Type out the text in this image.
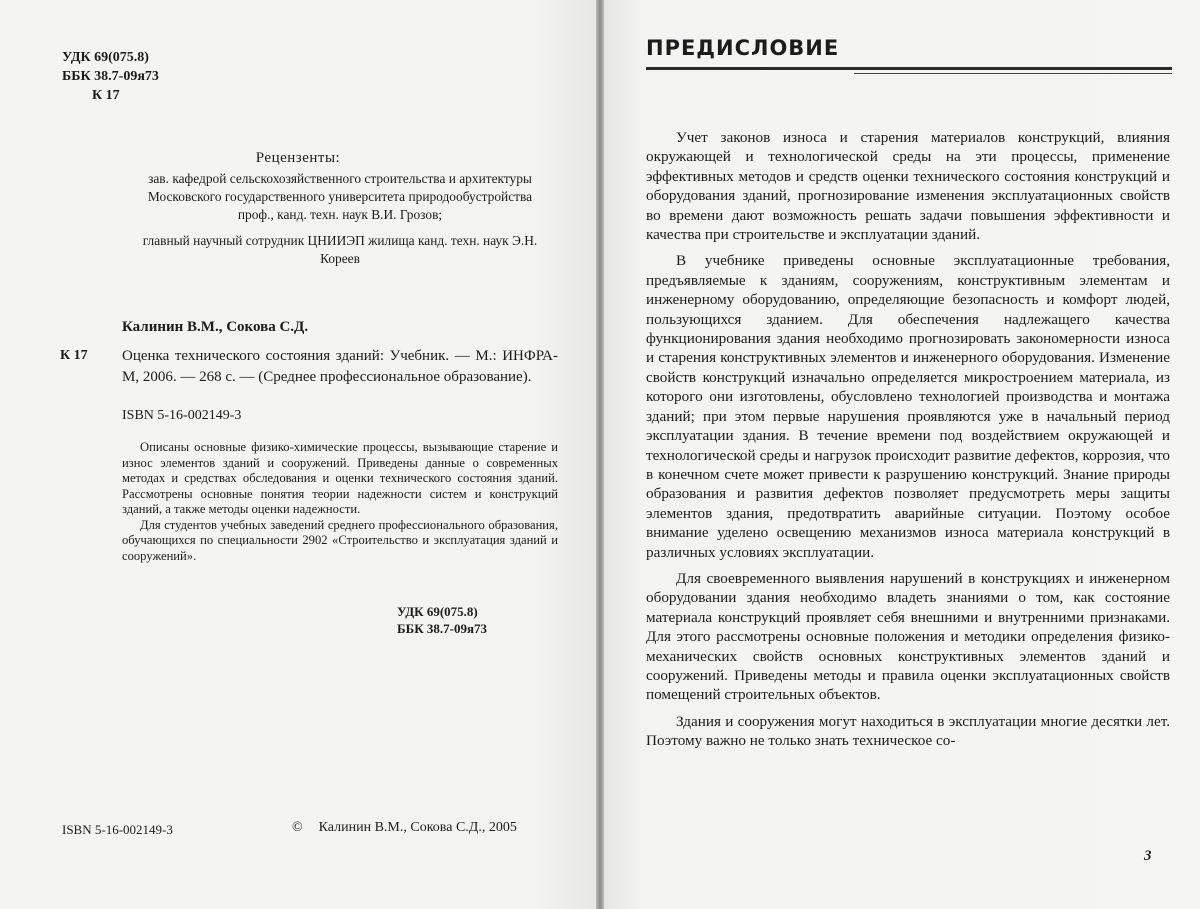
УДК 69(075.8)
ББК 38.7-09я73
К 17
Рецензенты:

зав. кафедрой сельскохозяйственного строительства и архитектуры Московского государственного университета природообустройства проф., канд. техн. наук В.И. Грозов;

главный научный сотрудник ЦНИИЭП жилища канд. техн. наук Э.Н. Кореев

Калинин В.М., Сокова С.Д.
К 17 Оценка технического состояния зданий: Учебник. — М.: ИНФРА-М, 2006. — 268 с. — (Среднее профессиональное образование).
ISBN 5-16-002149-3

Описаны основные физико-химические процессы, вызывающие старение и износ элементов зданий и сооружений. Приведены данные о современных методах и средствах обследования и оценки технического состояния зданий. Рассмотрены основные понятия теории надежности систем и конструкций зданий, а также методы оценки надежности.

Для студентов учебных заведений среднего профессионального образования, обучающихся по специальности 2902 «Строительство и эксплуатация зданий и сооружений».

УДК 69(075.8)
ББК 38.7-09я73
ISBN 5-16-002149-3	© Калинин В.М., Сокова С.Д., 2005
ПРЕДИСЛОВИЕ

Учет законов износа и старения материалов конструкций, влияния окружающей и технологической среды на эти процессы, применение эффективных методов и средств оценки технического состояния конструкций и оборудования зданий, прогнозирование изменения эксплуатационных свойств во времени дают возможность решать задачи повышения эффективности и качества при строительстве и эксплуатации зданий.

В учебнике приведены основные эксплуатационные требования, предъявляемые к зданиям, сооружениям, конструктивным элементам и инженерному оборудованию, определяющие безопасность и комфорт людей, пользующихся зданием. Для обеспечения надлежащего качества функционирования здания необходимо прогнозировать закономерности износа и старения конструктивных элементов и инженерного оборудования. Изменение свойств конструкций изначально определяется микростроением материала, из которого они изготовлены, обусловлено технологией производства и монтажа зданий; при этом первые нарушения проявляются уже в начальный период эксплуатации здания. В течение времени под воздействием окружающей и технологической среды и нагрузок происходит развитие дефектов, коррозия, что в конечном счете может привести к разрушению конструкций. Знание природы образования и развития дефектов позволяет предусмотреть меры защиты элементов здания, предотвратить аварийные ситуации. Поэтому особое внимание уделено освещению механизмов износа материала конструкций в различных условиях эксплуатации.

Для своевременного выявления нарушений в конструкциях и инженерном оборудовании здания необходимо владеть знаниями о том, как состояние материала конструкций проявляет себя внешними и внутренними признаками. Для этого рассмотрены основные положения и методики определения физико-механических свойств основных конструктивных элементов зданий и сооружений. Приведены методы и правила оценки эксплуатационных свойств помещений строительных объектов.

Здания и сооружения могут находиться в эксплуатации многие десятки лет. Поэтому важно не только знать техническое со-

3
